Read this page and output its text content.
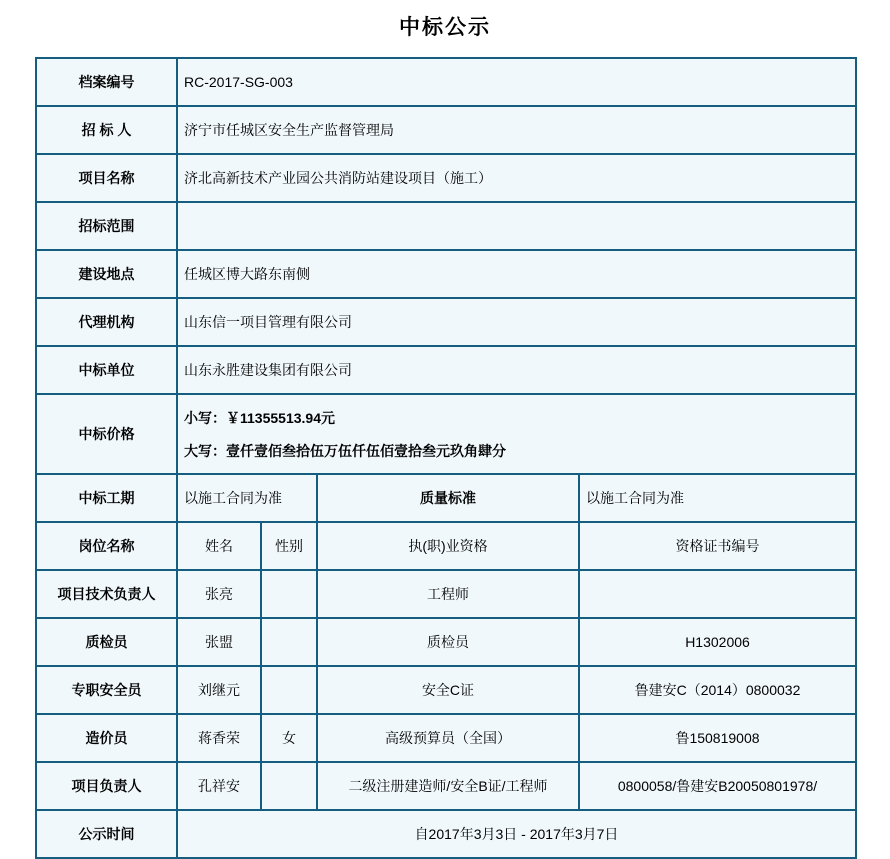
中标公示
档案编号	RC-2017-SG-003			
招 标 人	济宁市任城区安全生产监督管理局			
项目名称	济北高新技术产业园公共消防站建设项目（施工）			
招标范围				
建设地点	任城区博大路东南侧			
代理机构	山东信一项目管理有限公司			
中标单位	山东永胜建设集团有限公司			
中标价格	小写：￥11355513.94元
大写：壹仟壹佰叁拾伍万伍仟伍佰壹拾叁元玖角肆分			

中标工期	以施工合同为准		质量标准	以施工合同为准
岗位名称	姓名	性别	执(职)业资格	资格证书编号
项目技术负责人	张亮		工程师	
质检员	张盟		质检员	H1302006
专职安全员	刘继元		安全C证	鲁建安C（2014）0800032
造价员	蒋香荣	女	高级预算员（全国）	鲁150819008
项目负责人	孔祥安		二级注册建造师/安全B证/工程师	0800058/鲁建安B20050801978/
公示时间	自2017年3月3日 - 2017年3月7日			
